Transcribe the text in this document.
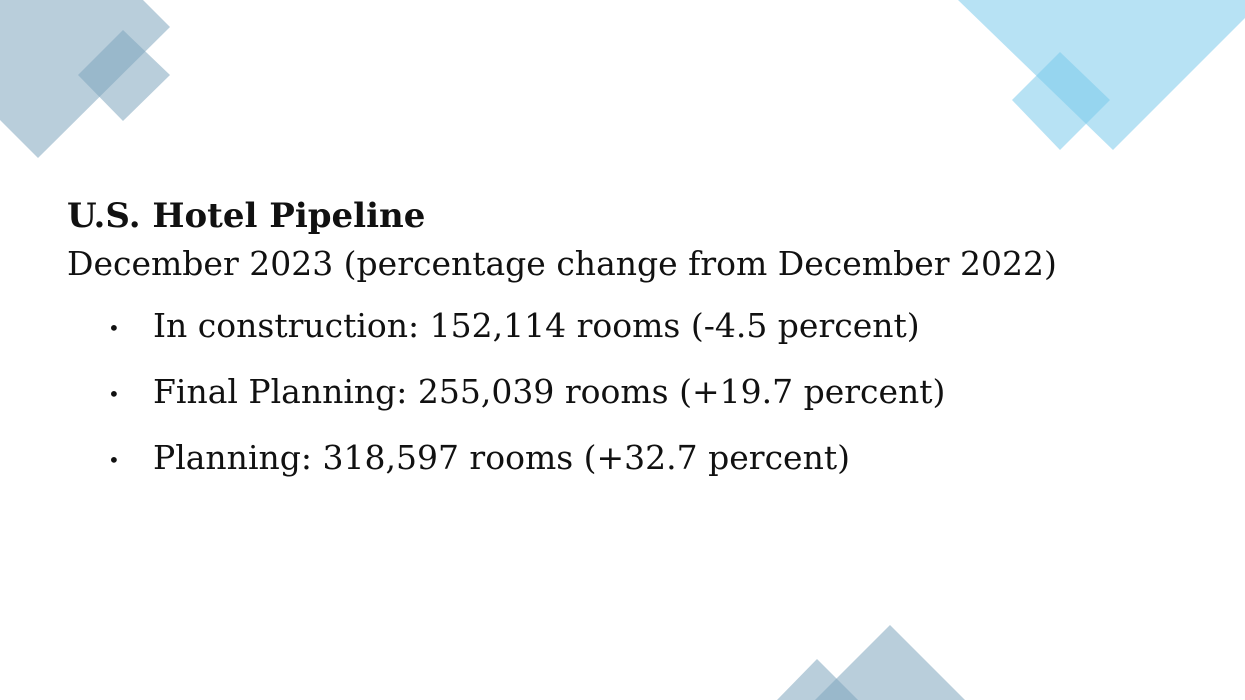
U.S. Hotel Pipeline
December 2023 (percentage change from December 2022)
•	In construction: 152,114 rooms (-4.5 percent)
•	Final Planning: 255,039 rooms (+19.7 percent)
•	Planning: 318,597 rooms (+32.7 percent)
